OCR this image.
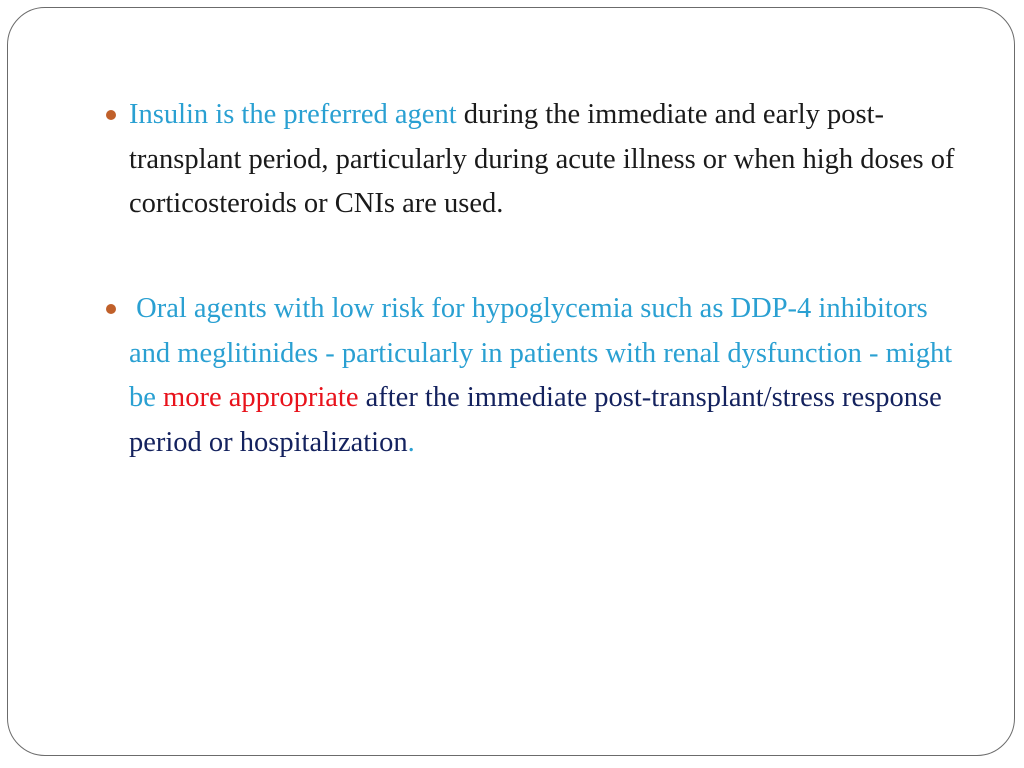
Insulin is the preferred agent during the immediate and early post-transplant period, particularly during acute illness or when high doses of corticosteroids or CNIs are used.
Oral agents with low risk for hypoglycemia such as DDP-4 inhibitors and meglitinides - particularly in patients with renal dysfunction - might be more appropriate after the immediate post-transplant/stress response period or hospitalization.
